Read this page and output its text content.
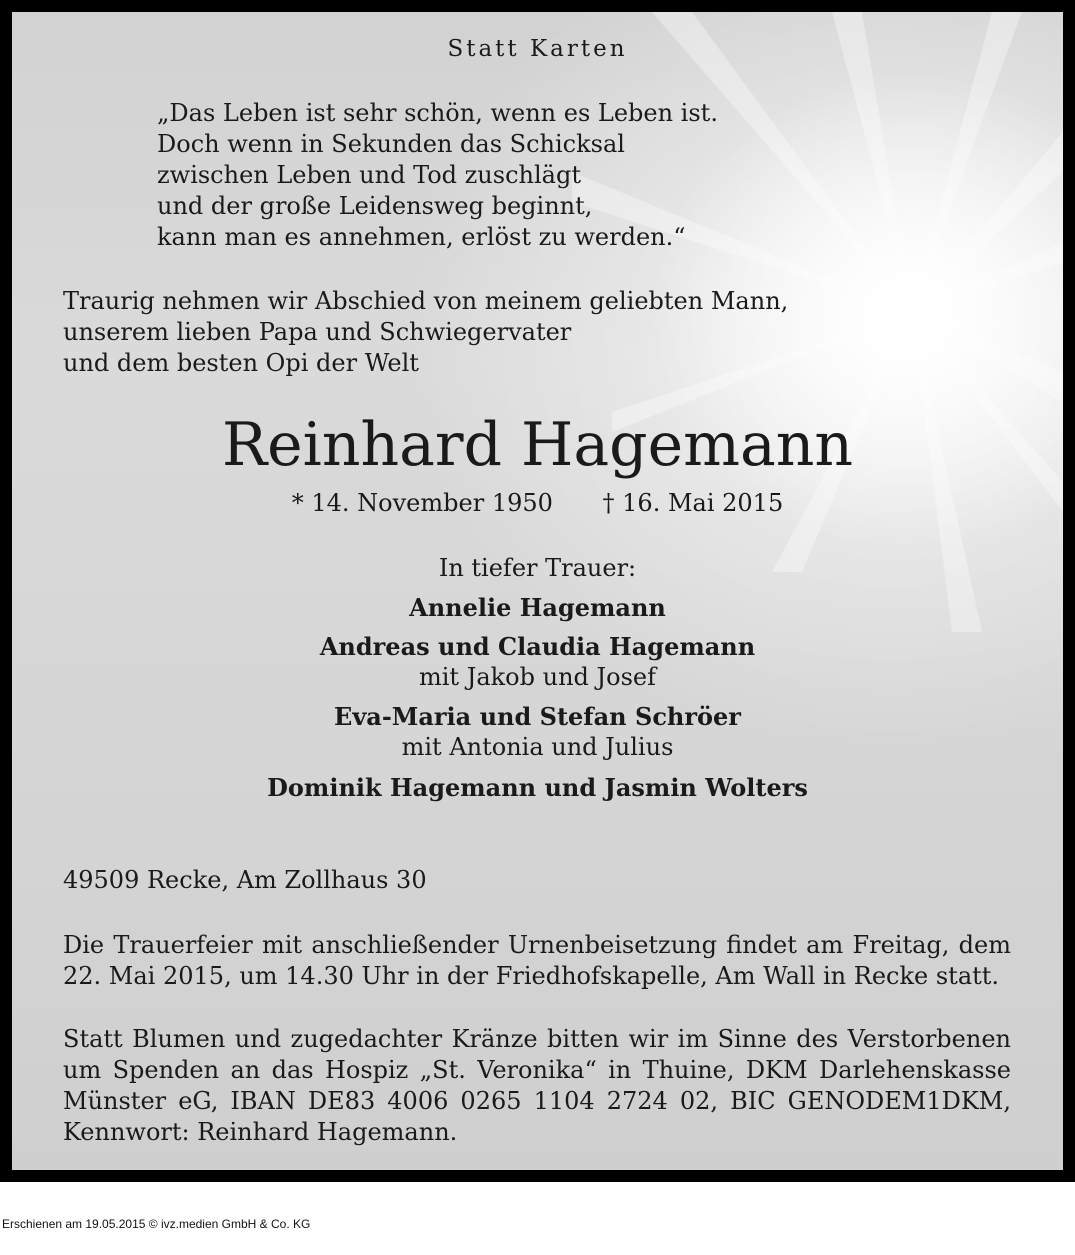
Statt Karten
„Das Leben ist sehr schön, wenn es Leben ist.
Doch wenn in Sekunden das Schicksal
zwischen Leben und Tod zuschlägt
und der große Leidensweg beginnt,
kann man es annehmen, erlöst zu werden.“
Traurig nehmen wir Abschied von meinem geliebten Mann,
unserem lieben Papa und Schwiegervater
und dem besten Opi der Welt
Reinhard Hagemann
* 14. November 1950 † 16. Mai 2015
In tiefer Trauer:
Annelie Hagemann
Andreas und Claudia Hagemann
mit Jakob und Josef
Eva-Maria und Stefan Schröer
mit Antonia und Julius
Dominik Hagemann und Jasmin Wolters
49509 Recke, Am Zollhaus 30
Die Trauerfeier mit anschließender Urnenbeisetzung findet am Freitag, dem 22. Mai 2015, um 14.30 Uhr in der Friedhofskapelle, Am Wall in Recke statt.
Statt Blumen und zugedachter Kränze bitten wir im Sinne des Verstorbenen um Spenden an das Hospiz „St. Veronika“ in Thuine, DKM Darlehenskasse Münster eG, IBAN DE83 4006 0265 1104 2724 02, BIC GENODEM1DKM, Kennwort: Reinhard Hagemann.
Erschienen am 19.05.2015 © ivz.medien GmbH & Co. KG
